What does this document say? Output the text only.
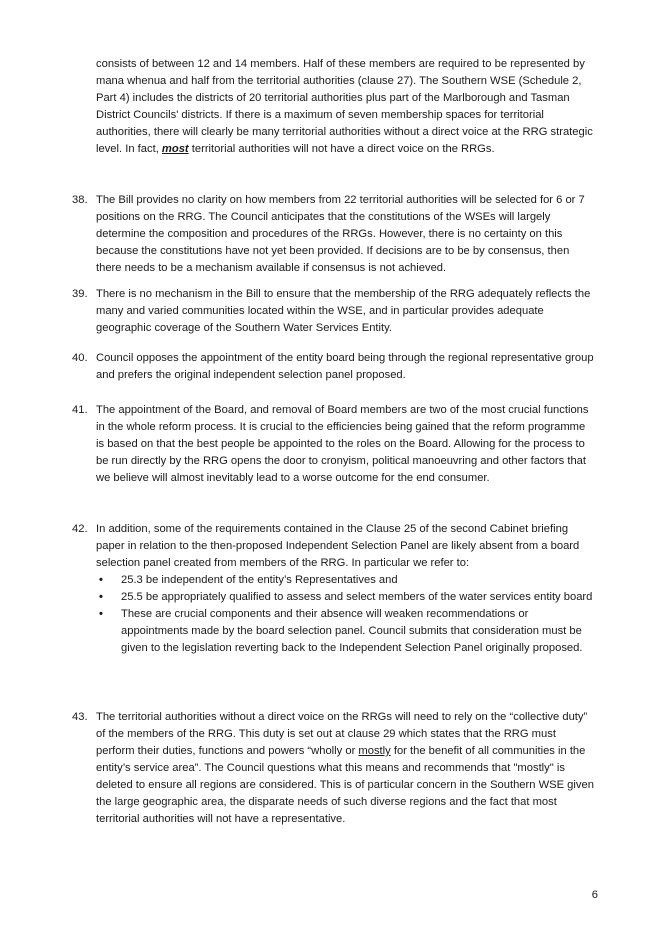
consists of between 12 and 14 members. Half of these members are required to be represented by mana whenua and half from the territorial authorities (clause 27). The Southern WSE (Schedule 2, Part 4) includes the districts of 20 territorial authorities plus part of the Marlborough and Tasman District Councils' districts. If there is a maximum of seven membership spaces for territorial authorities, there will clearly be many territorial authorities without a direct voice at the RRG strategic level. In fact, most territorial authorities will not have a direct voice on the RRGs.

38. The Bill provides no clarity on how members from 22 territorial authorities will be selected for 6 or 7 positions on the RRG. The Council anticipates that the constitutions of the WSEs will largely determine the composition and procedures of the RRGs. However, there is no certainty on this because the constitutions have not yet been provided. If decisions are to be by consensus, then there needs to be a mechanism available if consensus is not achieved.

39. There is no mechanism in the Bill to ensure that the membership of the RRG adequately reflects the many and varied communities located within the WSE, and in particular provides adequate geographic coverage of the Southern Water Services Entity.

40. Council opposes the appointment of the entity board being through the regional representative group and prefers the original independent selection panel proposed.

41. The appointment of the Board, and removal of Board members are two of the most crucial functions in the whole reform process. It is crucial to the efficiencies being gained that the reform programme is based on that the best people be appointed to the roles on the Board. Allowing for the process to be run directly by the RRG opens the door to cronyism, political manoeuvring and other factors that we believe will almost inevitably lead to a worse outcome for the end consumer.

42. In addition, some of the requirements contained in the Clause 25 of the second Cabinet briefing paper in relation to the then-proposed Independent Selection Panel are likely absent from a board selection panel created from members of the RRG. In particular we refer to:

• 25.3 be independent of the entity’s Representatives and
• 25.5 be appropriately qualified to assess and select members of the water services entity board
• These are crucial components and their absence will weaken recommendations or appointments made by the board selection panel. Council submits that consideration must be given to the legislation reverting back to the Independent Selection Panel originally proposed.
43. The territorial authorities without a direct voice on the RRGs will need to rely on the “collective duty” of the members of the RRG. This duty is set out at clause 29 which states that the RRG must perform their duties, functions and powers “wholly or mostly for the benefit of all communities in the entity’s service area”. The Council questions what this means and recommends that "mostly" is deleted to ensure all regions are considered. This is of particular concern in the Southern WSE given the large geographic area, the disparate needs of such diverse regions and the fact that most territorial authorities will not have a representative.

6
